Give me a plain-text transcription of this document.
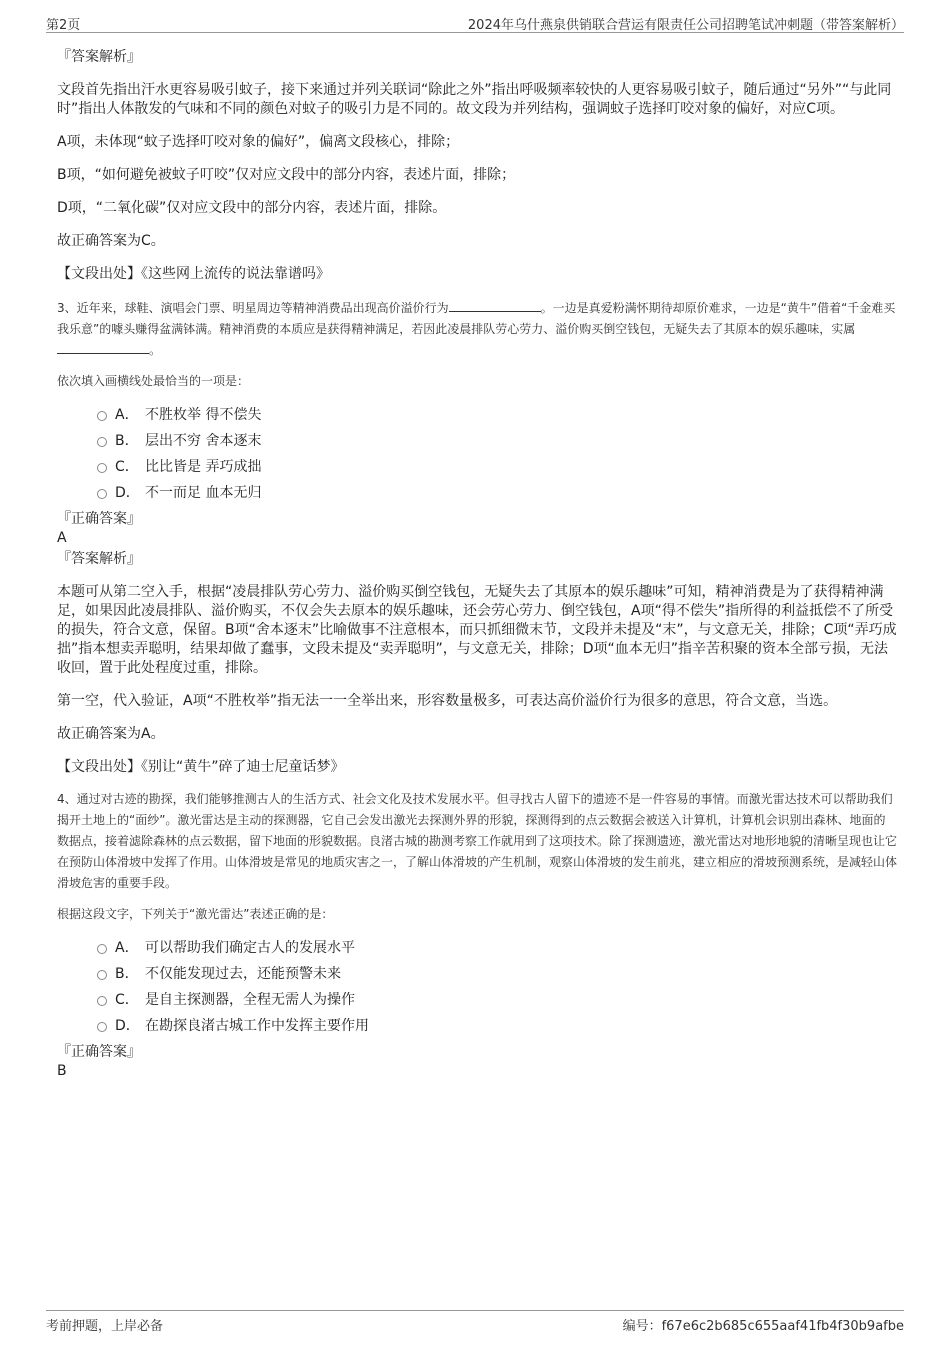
第2页	2024年乌什燕泉供销联合营运有限责任公司招聘笔试冲刺题（带答案解析）
『答案解析』

文段首先指出汗水更容易吸引蚊子，接下来通过并列关联词“除此之外”指出呼吸频率较快的人更容易吸引蚊子，随后通过“另外”“与此同时”指出人体散发的气味和不同的颜色对蚊子的吸引力是不同的。故文段为并列结构，强调蚊子选择叮咬对象的偏好，对应C项。

A项，未体现“蚊子选择叮咬对象的偏好”，偏离文段核心，排除；

B项，“如何避免被蚊子叮咬”仅对应文段中的部分内容，表述片面，排除；

D项，“二氧化碳”仅对应文段中的部分内容，表述片面，排除。

故正确答案为C。

【文段出处】《这些网上流传的说法靠谱吗》

3、近年来，球鞋、演唱会门票、明星周边等精神消费品出现高价溢价行为	。一边是真爱粉满怀期待却原价难求，一边是“黄牛”借着“千金难买我乐意”的噱头赚得盆满钵满。精神消费的本质应是获得精神满足，若因此凌晨排队劳心劳力、溢价购买倒空钱包，无疑失去了其原本的娱乐趣味，实属。

依次填入画横线处最恰当的一项是：

A． 不胜枚举 得不偿失
B． 层出不穷 舍本逐末
C． 比比皆是 弄巧成拙
D． 不一而足 血本无归
『正确答案』
A
『答案解析』

本题可从第二空入手，根据“凌晨排队劳心劳力、溢价购买倒空钱包，无疑失去了其原本的娱乐趣味”可知，精神消费是为了获得精神满足，如果因此凌晨排队、溢价购买，不仅会失去原本的娱乐趣味，还会劳心劳力、倒空钱包，A项“得不偿失”指所得的利益抵偿不了所受的损失，符合文意，保留。B项“舍本逐末”比喻做事不注意根本，而只抓细微末节，文段并未提及“末”，与文意无关，排除；C项“弄巧成拙”指本想卖弄聪明，结果却做了蠢事，文段未提及“卖弄聪明”，与文意无关，排除；D项“血本无归”指辛苦积聚的资本全部亏损，无法收回，置于此处程度过重，排除。

第一空，代入验证，A项“不胜枚举”指无法一一全举出来，形容数量极多，可表达高价溢价行为很多的意思，符合文意，当选。

故正确答案为A。

【文段出处】《别让“黄牛”碎了迪士尼童话梦》

4、通过对古迹的勘探，我们能够推测古人的生活方式、社会文化及技术发展水平。但寻找古人留下的遗迹不是一件容易的事情。而激光雷达技术可以帮助我们揭开土地上的“面纱”。激光雷达是主动的探测器，它自己会发出激光去探测外界的形貌，探测得到的点云数据会被送入计算机，计算机会识别出森林、地面的数据点，接着滤除森林的点云数据，留下地面的形貌数据。良渚古城的勘测考察工作就用到了这项技术。除了探测遗迹，激光雷达对地形地貌的清晰呈现也让它在预防山体滑坡中发挥了作用。山体滑坡是常见的地质灾害之一，了解山体滑坡的产生机制，观察山体滑坡的发生前兆，建立相应的滑坡预测系统，是减轻山体滑坡危害的重要手段。

根据这段文字，下列关于“激光雷达”表述正确的是：

A． 可以帮助我们确定古人的发展水平
B． 不仅能发现过去，还能预警未来
C． 是自主探测器，全程无需人为操作
D． 在勘探良渚古城工作中发挥主要作用
『正确答案』
B
考前押题，上岸必备	编号：f67e6c2b685c655aaf41fb4f30b9afbe
